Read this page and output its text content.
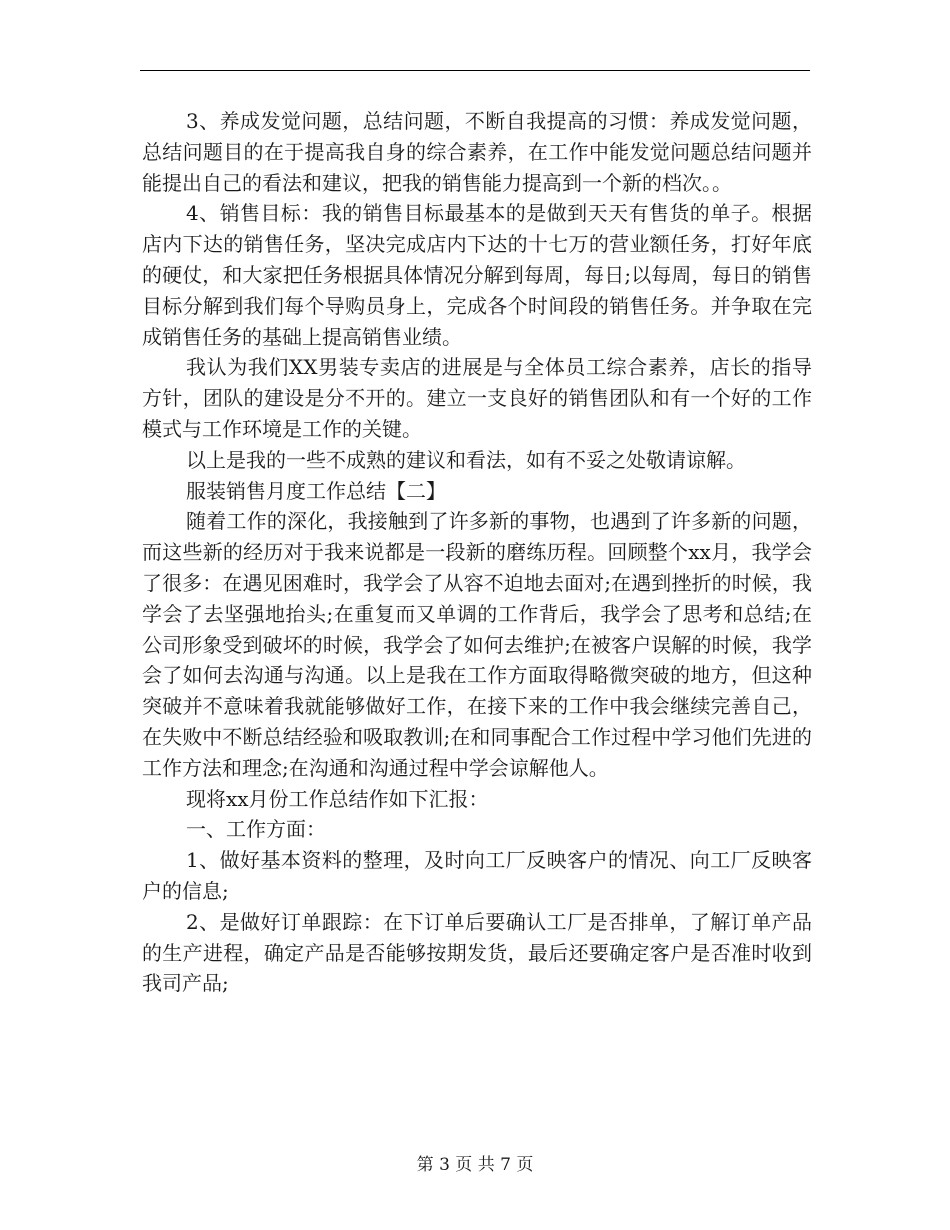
3、养成发觉问题，总结问题，不断自我提高的习惯：养成发觉问题，总结问题目的在于提高我自身的综合素养，在工作中能发觉问题总结问题并能提出自己的看法和建议，把我的销售能力提高到一个新的档次。。

4、销售目标：我的销售目标最基本的是做到天天有售货的单子。根据店内下达的销售任务，坚决完成店内下达的十七万的营业额任务，打好年底的硬仗，和大家把任务根据具体情况分解到每周，每日;以每周，每日的销售目标分解到我们每个导购员身上，完成各个时间段的销售任务。并争取在完成销售任务的基础上提高销售业绩。

我认为我们XX男装专卖店的进展是与全体员工综合素养，店长的指导方针，团队的建设是分不开的。建立一支良好的销售团队和有一个好的工作模式与工作环境是工作的关键。

以上是我的一些不成熟的建议和看法，如有不妥之处敬请谅解。

服装销售月度工作总结【二】

随着工作的深化，我接触到了许多新的事物，也遇到了许多新的问题，而这些新的经历对于我来说都是一段新的磨练历程。回顾整个xx月，我学会了很多：在遇见困难时，我学会了从容不迫地去面对;在遇到挫折的时候，我学会了去坚强地抬头;在重复而又单调的工作背后，我学会了思考和总结;在公司形象受到破坏的时候，我学会了如何去维护;在被客户误解的时候，我学会了如何去沟通与沟通。以上是我在工作方面取得略微突破的地方，但这种突破并不意味着我就能够做好工作，在接下来的工作中我会继续完善自己，在失败中不断总结经验和吸取教训;在和同事配合工作过程中学习他们先进的工作方法和理念;在沟通和沟通过程中学会谅解他人。

现将xx月份工作总结作如下汇报：

一、工作方面：

1、做好基本资料的整理，及时向工厂反映客户的情况、向工厂反映客户的信息;

2、是做好订单跟踪：在下订单后要确认工厂是否排单，了解订单产品的生产进程，确定产品是否能够按期发货，最后还要确定客户是否准时收到我司产品;

第 3 页 共 7 页
